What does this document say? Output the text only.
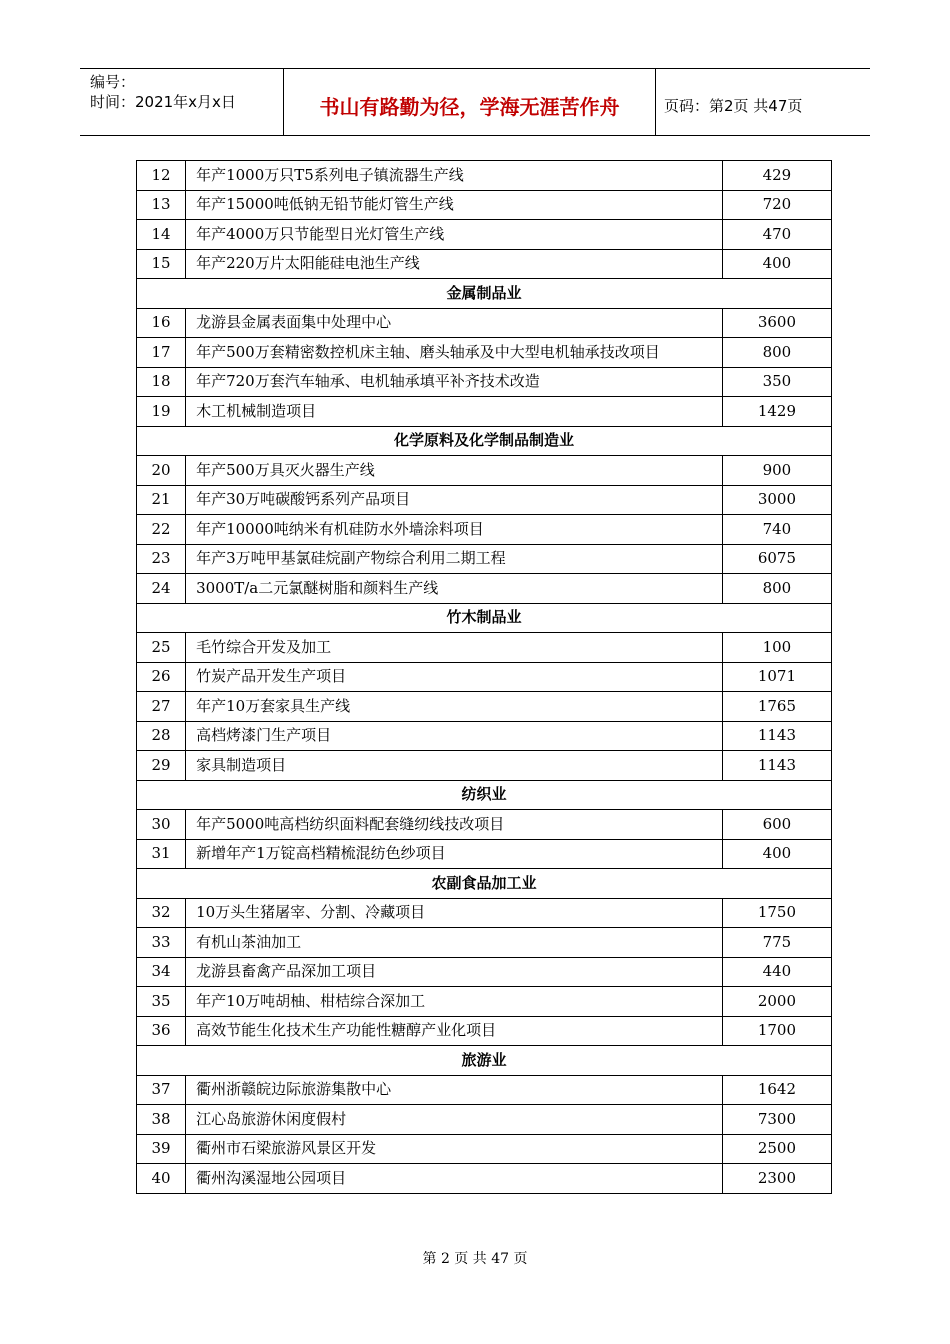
编号：
时间：2021年x月x日	书山有路勤为径，学海无涯苦作舟	页码：第2页 共47页
12	年产1000万只T5系列电子镇流器生产线	429
13	年产15000吨低钠无铅节能灯管生产线	720
14	年产4000万只节能型日光灯管生产线	470
15	年产220万片太阳能硅电池生产线	400
金属制品业		
16	龙游县金属表面集中处理中心	3600
17	年产500万套精密数控机床主轴、磨头轴承及中大型电机轴承技改项目	800
18	年产720万套汽车轴承、电机轴承填平补齐技术改造	350
19	木工机械制造项目	1429
化学原料及化学制品制造业		
20	年产500万具灭火器生产线	900
21	年产30万吨碳酸钙系列产品项目	3000
22	年产10000吨纳米有机硅防水外墙涂料项目	740
23	年产3万吨甲基氯硅烷副产物综合利用二期工程	6075
24	3000T/a二元氯醚树脂和颜料生产线	800
竹木制品业		
25	毛竹综合开发及加工	100
26	竹炭产品开发生产项目	1071
27	年产10万套家具生产线	1765
28	高档烤漆门生产项目	1143
29	家具制造项目	1143
纺织业		
30	年产5000吨高档纺织面料配套缝纫线技改项目	600
31	新增年产1万锭高档精梳混纺色纱项目	400
农副食品加工业		
32	10万头生猪屠宰、分割、冷藏项目	1750
33	有机山茶油加工	775
34	龙游县畜禽产品深加工项目	440
35	年产10万吨胡柚、柑桔综合深加工	2000
36	高效节能生化技术生产功能性糖醇产业化项目	1700
旅游业		
37	衢州浙赣皖边际旅游集散中心	1642
38	江心岛旅游休闲度假村	7300
39	衢州市石梁旅游风景区开发	2500
40	衢州沟溪湿地公园项目	2300
第 2 页 共 47 页
